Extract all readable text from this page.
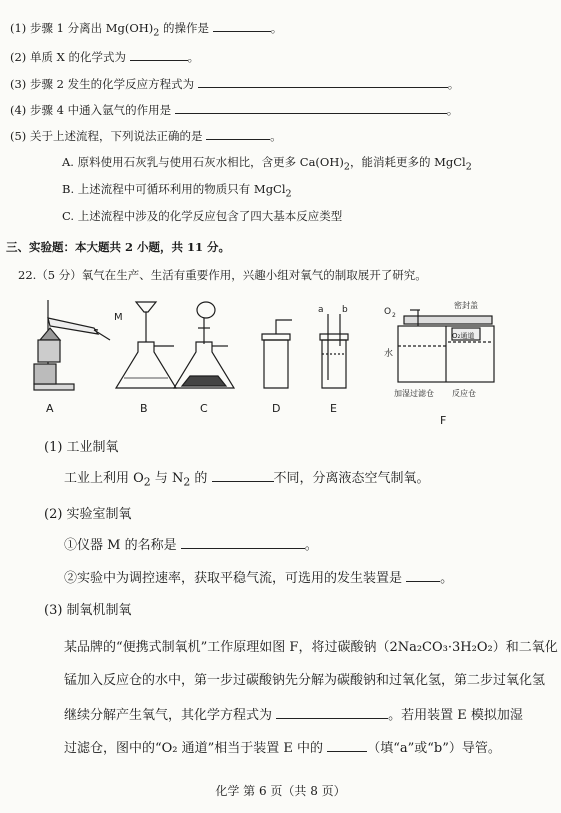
(1) 步骤 1 分离出 $Mg(OH)_2$ 的操作是	。
(2) 单质 X 的化学式为	。
(3) 步骤 2 发生的化学反应方程式为	。
(4) 步骤 4 中通入氩气的作用是	。
(5) 关于上述流程，下列说法正确的是	。
A. 原料使用石灰乳与使用石灰水相比，含更多 $Ca(OH)_2$，能消耗更多的 MgCl$_2$
B. 上述流程中可循环利用的物质只有 MgCl$_2$
C. 上述流程中涉及的化学反应包含了四大基本反应类型
三、实验题：本大题共 2 小题，共 11 分。
22.（5 分）氧气在生产、生活有重要作用，兴趣小组对氧气的制取展开了研究。
M
a b	O 2
密封盖
O₂通道
水
加湿过滤仓 反应仓
A	B	C	D	E
F
(1) 工业制氧
工业上利用 $O_2$ 与 $N_2$ 的	不同，分离液态空气制氧。
(2) 实验室制氧
①仪器 M 的名称是	。
②实验中为调控速率，获取平稳气流，可选用的发生装置是	。
(3) 制氧机制氧
某品牌的“便携式制氧机”工作原理如图 F，将过碳酸钠（2Na₂CO₃·3H₂O₂）和二氧化
锰加入反应仓的水中，第一步过碳酸钠先分解为碳酸钠和过氧化氢，第二步过氧化氢
继续分解产生氧气，其化学方程式为	。若用装置 E 模拟加湿
过滤仓，图中的“O₂ 通道”相当于装置 E 中的	（填“a”或“b”）导管。
化学 第 6 页（共 8 页）
